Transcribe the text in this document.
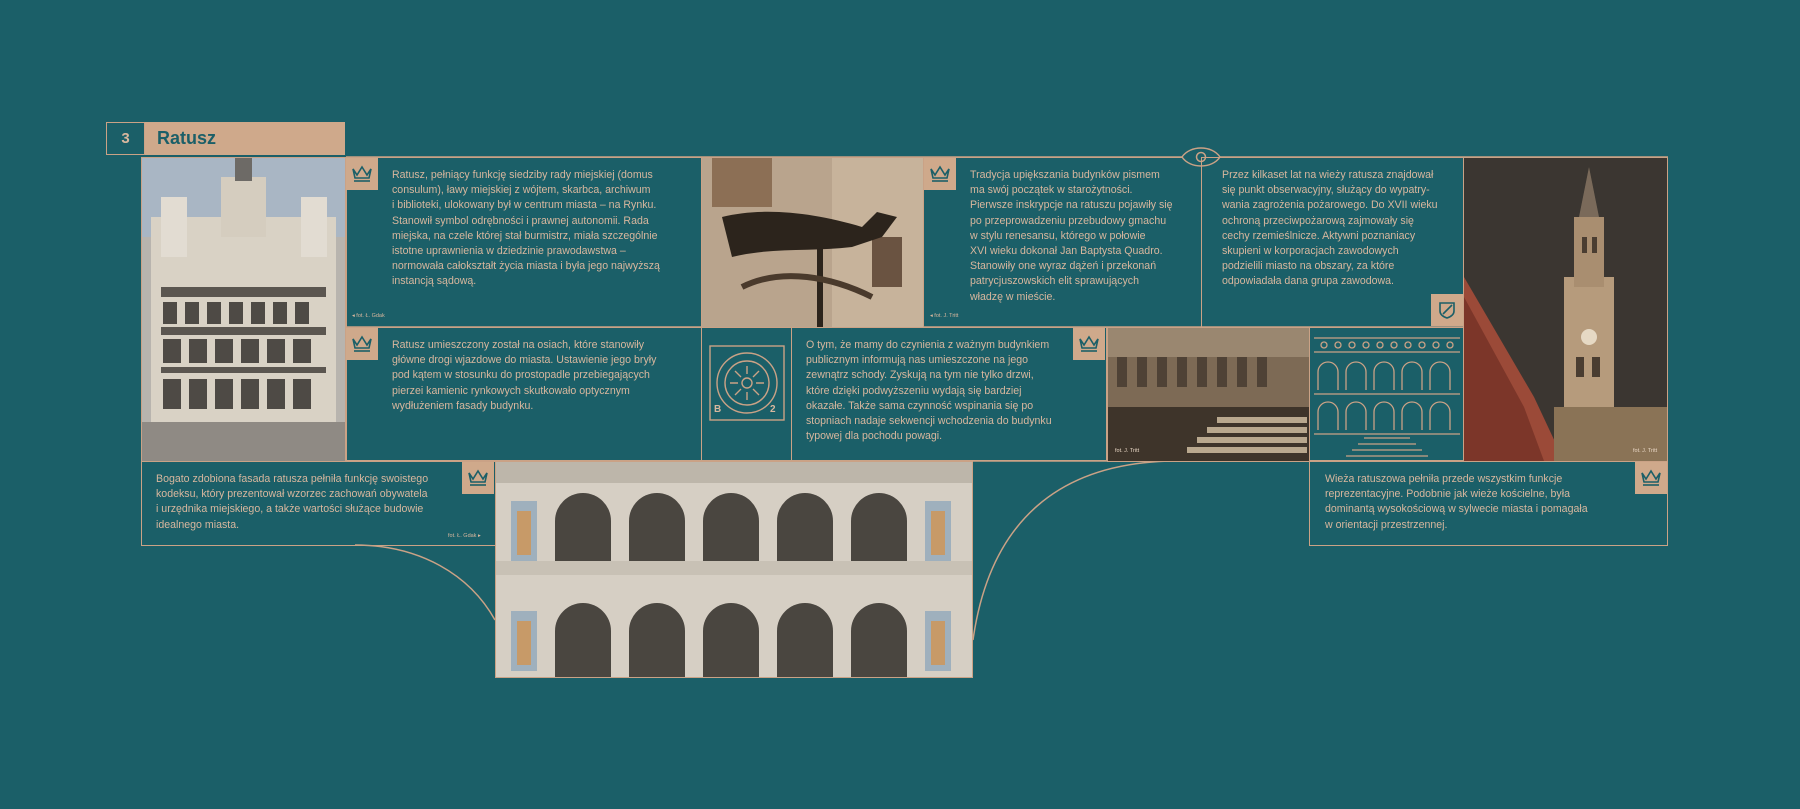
3	Ratusz

Ratusz, pełniący funkcję siedziby rady miejskiej (domus
consulum), ławy miejskiej z wójtem, skarbca, archiwum
i biblioteki, ulokowany był w centrum miasta – na Rynku.
Stanowił symbol odrębności i prawnej autonomii. Rada
miejska, na czele której stał burmistrz, miała szczególnie
istotne uprawnienia w dziedzinie prawodawstwa –
normowała całokształt życia miasta i była jego najwyższą
instancją sądową.

◂ fot. Ł. Gdak

Tradycja upiększania budynków pismem
ma swój początek w starożytności.
Pierwsze inskrypcje na ratuszu pojawiły się
po przeprowadzeniu przebudowy gmachu
w stylu renesansu, którego w połowie
XVI wieku dokonał Jan Baptysta Quadro.
Stanowiły one wyraz dążeń i przekonań
patrycjuszowskich elit sprawujących
władzę w mieście.

◂ fot. J. Tritt

Przez kilkaset lat na wieży ratusza znajdował
się punkt obserwacyjny, służący do wypatry-
wania zagrożenia pożarowego. Do XVII wieku
ochroną przeciwpożarową zajmowały się
cechy rzemieślnicze. Aktywni poznaniacy
skupieni w korporacjach zawodowych
podzielili miasto na obszary, za które
odpowiadała dana grupa zawodowa.

fot. J. Tritt

Ratusz umieszczony został na osiach, które stanowiły
główne drogi wjazdowe do miasta. Ustawienie jego bryły
pod kątem w stosunku do prostopadle przebiegających
pierzei kamienic rynkowych skutkowało optycznym
wydłużeniem fasady budynku.	B	2

O tym, że mamy do czynienia z ważnym budynkiem
publicznym informują nas umieszczone na jego
zewnątrz schody. Zyskują na tym nie tylko drzwi,
które dzięki podwyższeniu wydają się bardziej
okazałe. Także sama czynność wspinania się po
stopniach nadaje sekwencji wchodzenia do budynku
typowej dla pochodu powagi.

fot. J. Tritt

Bogato zdobiona fasada ratusza pełniła funkcję swoistego
kodeksu, który prezentował wzorzec zachowań obywatela
i urzędnika miejskiego, a także wartości służące budowie
idealnego miasta.

fot. Ł. Gdak ▸

Wieża ratuszowa pełniła przede wszystkim funkcje
reprezentacyjne. Podobnie jak wieże kościelne, była
dominantą wysokościową w sylwecie miasta i pomagała
w orientacji przestrzennej.
